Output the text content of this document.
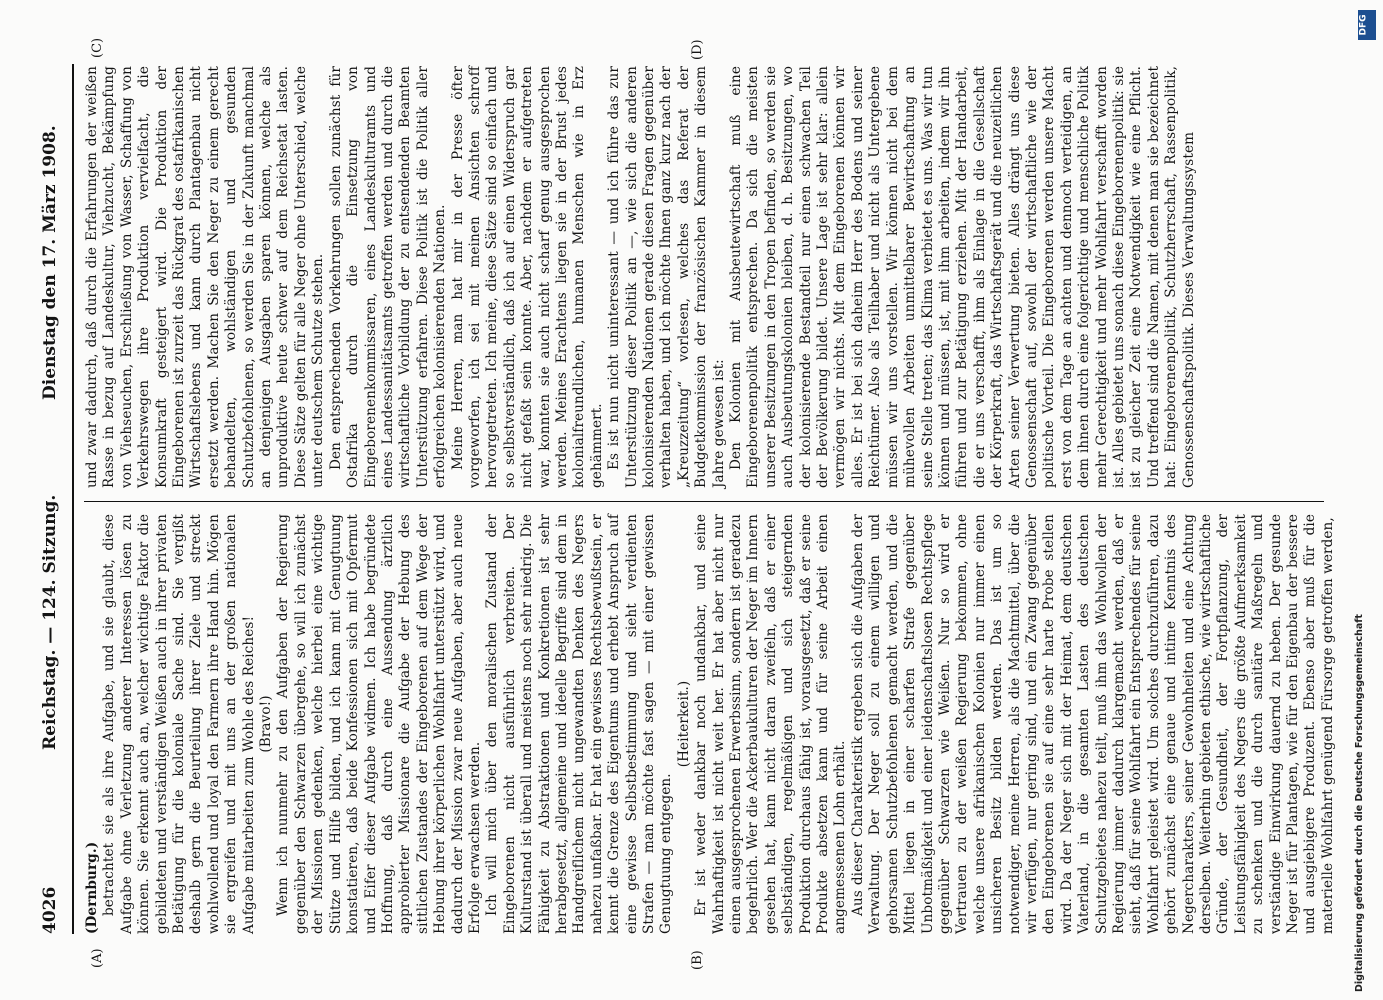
4026
Reichstag. — 124. Sitzung.
Dienstag den 17. März 1908.
(A)	(B)
(C)	(D)

(Dernburg.) betrachtet sie als ihre Aufgabe, und sie glaubt, diese Aufgabe ohne Verletzung anderer Interessen lösen zu können. Sie erkennt auch an, welcher wichtige Faktor die gebildeten und verständigen Weißen auch in ihrer privaten Betätigung für die koloniale Sache sind. Sie vergißt deshalb gern die Beurteilung ihrer Ziele und streckt wohlwollend und loyal den Farmern ihre Hand hin. Mögen sie ergreifen und mit uns an der großen nationalen Aufgabe mitarbeiten zum Wohle des Reiches! (Bravo!) Wenn ich nunmehr zu den Aufgaben der Regierung gegenüber den Schwarzen übergehe, so will ich zunächst der Missionen gedenken, welche hierbei eine wichtige Stütze und Hilfe bilden, und ich kann mit Genugtuung konstatieren, daß beide Konfessionen sich mit Opfermut und Eifer dieser Aufgabe widmen. Ich habe begründete Hoffnung, daß durch eine Aussendung ärztlich approbierter Missionare die Aufgabe der Hebung des sittlichen Zustandes der Eingeborenen auf dem Wege der Hebung ihrer körperlichen Wohlfahrt unterstützt wird, und dadurch der Mission zwar neue Aufgaben, aber auch neue Erfolge erwachsen werden. Ich will mich über den moralischen Zustand der Eingeborenen nicht ausführlich verbreiten. Der Kulturstand ist überall und meistens noch sehr niedrig. Die Fähigkeit zu Abstraktionen und Konkretionen ist sehr herabgesetzt, allgemeine und ideelle Begriffe sind dem in Handgreiflichem nicht ungewandten Denken des Negers nahezu unfaßbar. Er hat ein gewisses Rechtsbewußtsein, er kennt die Grenze des Eigentums und erhebt Anspruch auf eine gewisse Selbstbestimmung und sieht verdienten Strafen — man möchte fast sagen — mit einer gewissen Genugtuung entgegen.

(Heiterkeit.) Er ist weder dankbar noch undankbar, und seine Wahrhaftigkeit ist nicht weit her. Er hat aber nicht nur einen ausgesprochenen Erwerbssinn, sondern ist geradezu begehrlich. Wer die Ackerbaukulturen der Neger im Innern gesehen hat, kann nicht daran zweifeln, daß er einer selbständigen, regelmäßigen und sich steigernden Produktion durchaus fähig ist, vorausgesetzt, daß er seine Produkte absetzen kann und für seine Arbeit einen angemessenen Lohn erhält. Aus dieser Charakteristik ergeben sich die Aufgaben der Verwaltung. Der Neger soll zu einem willigen und gehorsamen Schutzbefohlenen gemacht werden, und die Mittel liegen in einer scharfen Strafe gegenüber Unbotmäßigkeit und einer leidenschaftslosen Rechtspflege gegenüber Schwarzen wie Weißen. Nur so wird er Vertrauen zu der weißen Regierung bekommen, ohne welche unsere afrikanischen Kolonien nur immer einen unsicheren Besitz bilden werden. Das ist um so notwendiger, meine Herren, als die Machtmittel, über die wir verfügen, nur gering sind, und ein Zwang gegenüber den Eingeborenen sie auf eine sehr harte Probe stellen wird. Da der Neger sich mit der Heimat, dem deutschen Vaterland, in die gesamten Lasten des deutschen Schutzgebietes nahezu teilt, muß ihm das Wohlwollen der Regierung immer dadurch klargemacht werden, daß er sieht, daß für seine Wohlfahrt ein Entsprechendes für seine Wohlfahrt geleistet wird. Um solches durchzuführen, dazu gehört zunächst eine genaue und intime Kenntnis des Negercharakters, seiner Gewohnheiten und eine Achtung derselben. Weiterhin gebieten ethische, wie wirtschaftliche Gründe, der Gesundheit, der Fortpflanzung, der Leistungsfähigkeit des Negers die größte Aufmerksamkeit zu schenken und die durch sanitäre Maßregeln und verständige Einwirkung dauernd zu heben. Der gesunde Neger ist für Plantagen, wie für den Eigenbau der bessere und ausgiebigere Produzent. Ebenso aber muß für die materielle Wohlfahrt genügend Fürsorge getroffen werden,

und zwar dadurch, daß durch die Erfahrungen der weißen Rasse in bezug auf Landeskultur, Viehzucht, Bekämpfung von Viehseuchen, Erschließung von Wasser, Schaffung von Verkehrswegen ihre Produktion vervielfacht, die Konsumkraft gesteigert wird. Die Produktion der Eingeborenen ist zurzeit das Rückgrat des ostafrikanischen Wirtschaftslebens und kann durch Plantagenbau nicht ersetzt werden. Machen Sie den Neger zu einem gerecht behandelten, wohlständigen und gesunden Schutzbefohlenen, so werden Sie in der Zukunft manchmal an denjenigen Ausgaben sparen können, welche als unproduktive heute schwer auf dem Reichsetat lasten. Diese Sätze gelten für alle Neger ohne Unterschied, welche unter deutschem Schutze stehen. Den entsprechenden Vorkehrungen sollen zunächst für Ostafrika durch die Einsetzung von Eingeborenenkommissaren, eines Landeskulturamts und eines Landessanitätsamts getroffen werden und durch die wirtschaftliche Vorbildung der zu entsendenden Beamten Unterstützung erfahren. Diese Politik ist die Politik aller erfolgreichen kolonisierenden Nationen. Meine Herren, man hat mir in der Presse öfter vorgeworfen, ich sei mit meinen Ansichten schroff hervorgetreten. Ich meine, diese Sätze sind so einfach und so selbstverständlich, daß ich auf einen Widerspruch gar nicht gefaßt sein konnte. Aber, nachdem er aufgetreten war, konnten sie auch nicht scharf genug ausgesprochen werden. Meines Erachtens liegen sie in der Brust jedes kolonialfreundlichen, humanen Menschen wie in Erz gehämmert. Es ist nun nicht uninteressant — und ich führe das zur Unterstützung dieser Politik an —, wie sich die anderen kolonisierenden Nationen gerade diesen Fragen gegenüber verhalten haben, und ich möchte Ihnen ganz kurz nach der „Kreuzzeitung“ vorlesen, welches das Referat der Budgetkommission der französischen Kammer in diesem Jahre gewesen ist: Den Kolonien mit Ausbeutewirtschaft muß eine Eingeborenenpolitik entsprechen. Da sich die meisten unserer Besitzungen in den Tropen befinden, so werden sie auch Ausbeutungskolonien bleiben, d. h. Besitzungen, wo der kolonisierende Bestandteil nur einen schwachen Teil der Bevölkerung bildet. Unsere Lage ist sehr klar: allein vermögen wir nichts. Mit dem Eingeborenen können wir alles. Er ist bei sich daheim Herr des Bodens und seiner Reichtümer. Also als Teilhaber und nicht als Untergebene müssen wir uns vorstellen. Wir können nicht bei dem mühevollen Arbeiten unmittelbarer Bewirtschaftung an seine Stelle treten; das Klima verbietet es uns. Was wir tun können und müssen, ist, mit ihm arbeiten, indem wir ihn führen und zur Betätigung erziehen. Mit der Handarbeit, die er uns verschafft, ihm als Einlage in die Gesellschaft der Körperkraft, das Wirtschaftsgerät und die neuzeitlichen Arten seiner Verwertung bieten. Alles drängt uns diese Genossenschaft auf, sowohl der wirtschaftliche wie der politische Vorteil. Die Eingeborenen werden unsere Macht erst von dem Tage an achten und dennoch verteidigen, an dem ihnen durch eine folgerichtige und menschliche Politik mehr Gerechtigkeit und mehr Wohlfahrt verschafft worden ist. Alles gebietet uns sonach diese Eingeborenenpolitik: sie ist zu gleicher Zeit eine Notwendigkeit wie eine Pflicht. Und treffend sind die Namen, mit denen man sie bezeichnet hat: Eingeborenenpolitik, Schutzherrschaft, Rassenpolitik, Genossenschaftspolitik. Dieses Verwaltungssystem

DFG
Digitalisierung gefördert durch die Deutsche Forschungsgemeinschaft
